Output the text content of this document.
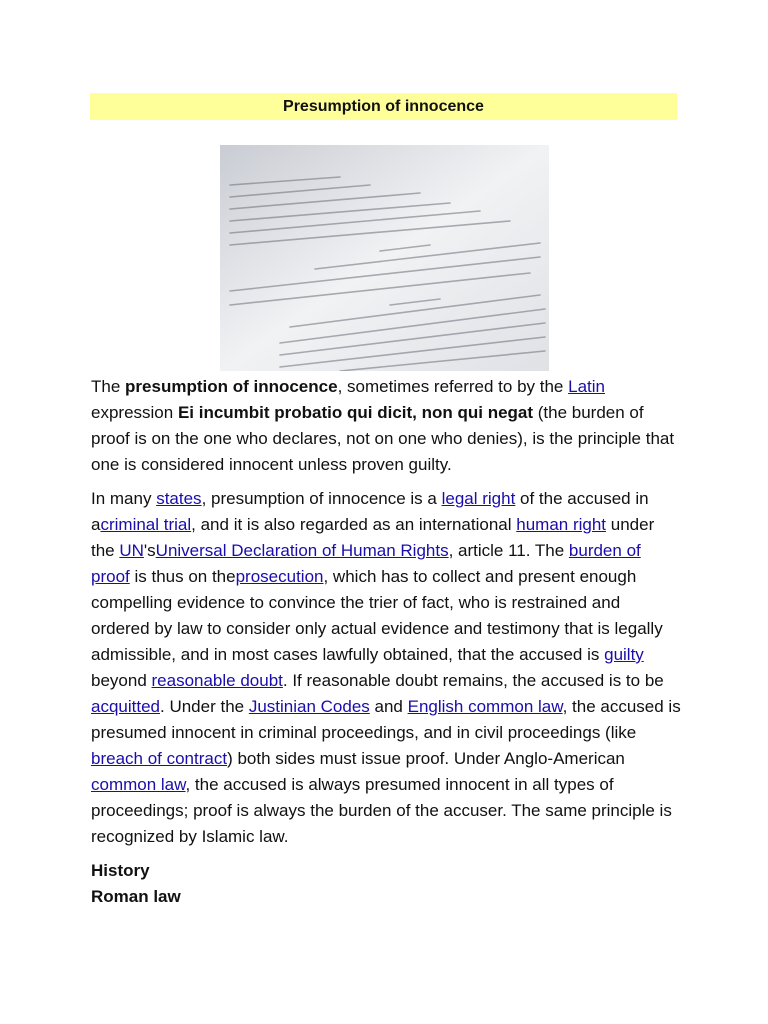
Presumption of innocence

The presumption of innocence, sometimes referred to by the Latin expression Ei incumbit probatio qui dicit, non qui negat (the burden of proof is on the one who declares, not on one who denies), is the principle that one is considered innocent unless proven guilty.

In many states, presumption of innocence is a legal right of the accused in acriminal trial, and it is also regarded as an international human right under the UN'sUniversal Declaration of Human Rights, article 11. The burden of proof is thus on theprosecution, which has to collect and present enough compelling evidence to convince the trier of fact, who is restrained and ordered by law to consider only actual evidence and testimony that is legally admissible, and in most cases lawfully obtained, that the accused is guilty beyond reasonable doubt. If reasonable doubt remains, the accused is to be acquitted. Under the Justinian Codes and English common law, the accused is presumed innocent in criminal proceedings, and in civil proceedings (like breach of contract) both sides must issue proof. Under Anglo-American common law, the accused is always presumed innocent in all types of proceedings; proof is always the burden of the accuser. The same principle is recognized by Islamic law.

History
Roman law
